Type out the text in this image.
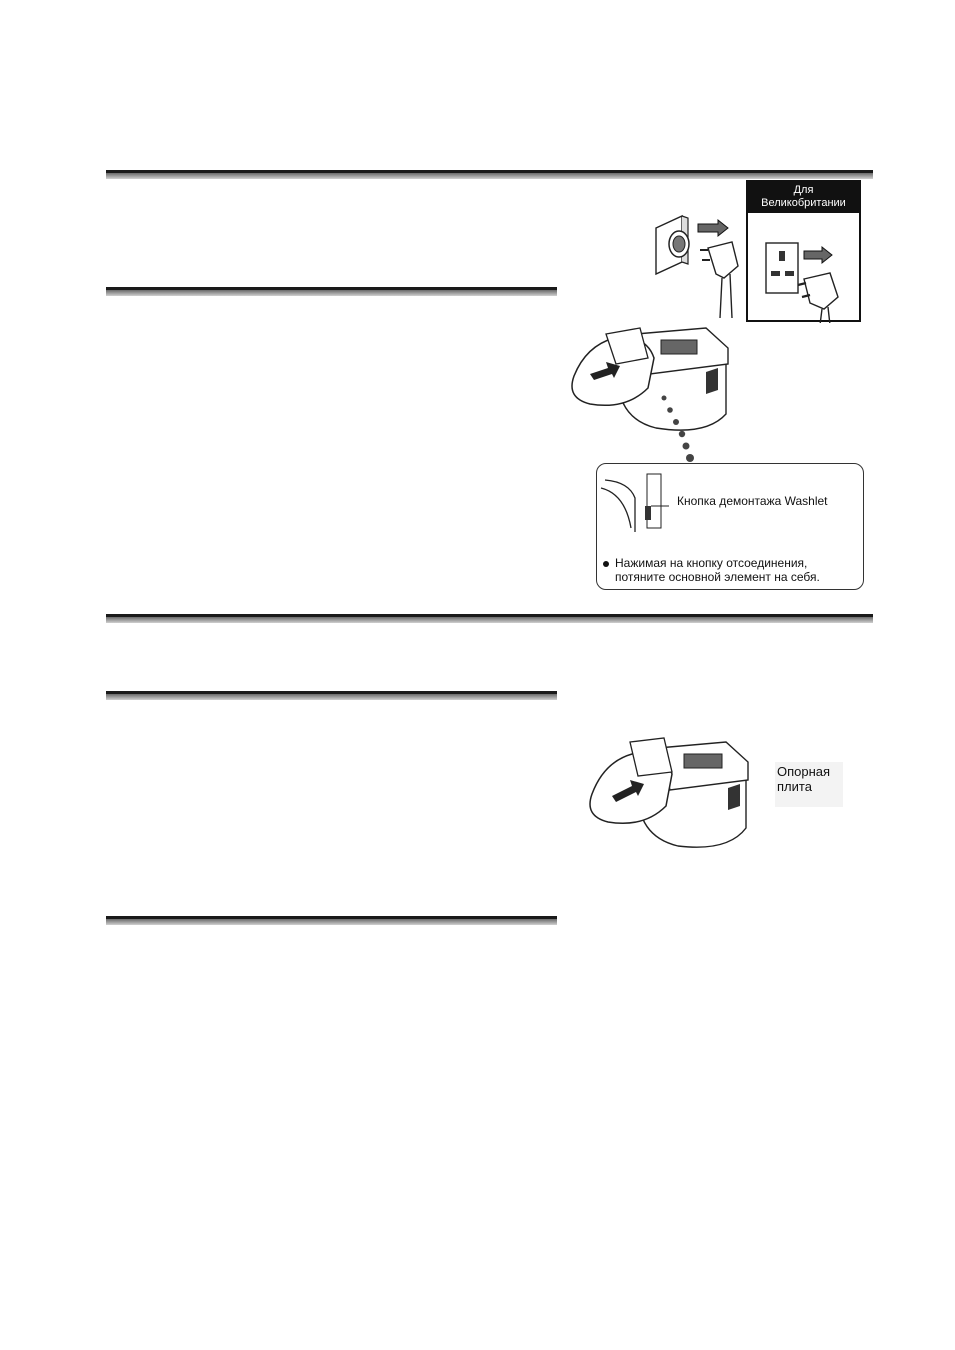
Для
Великобритании
Кнопка демонтажа Washlet
Нажимая на кнопку отсоединения,
потяните основной элемент на себя.
Опорная
плита
